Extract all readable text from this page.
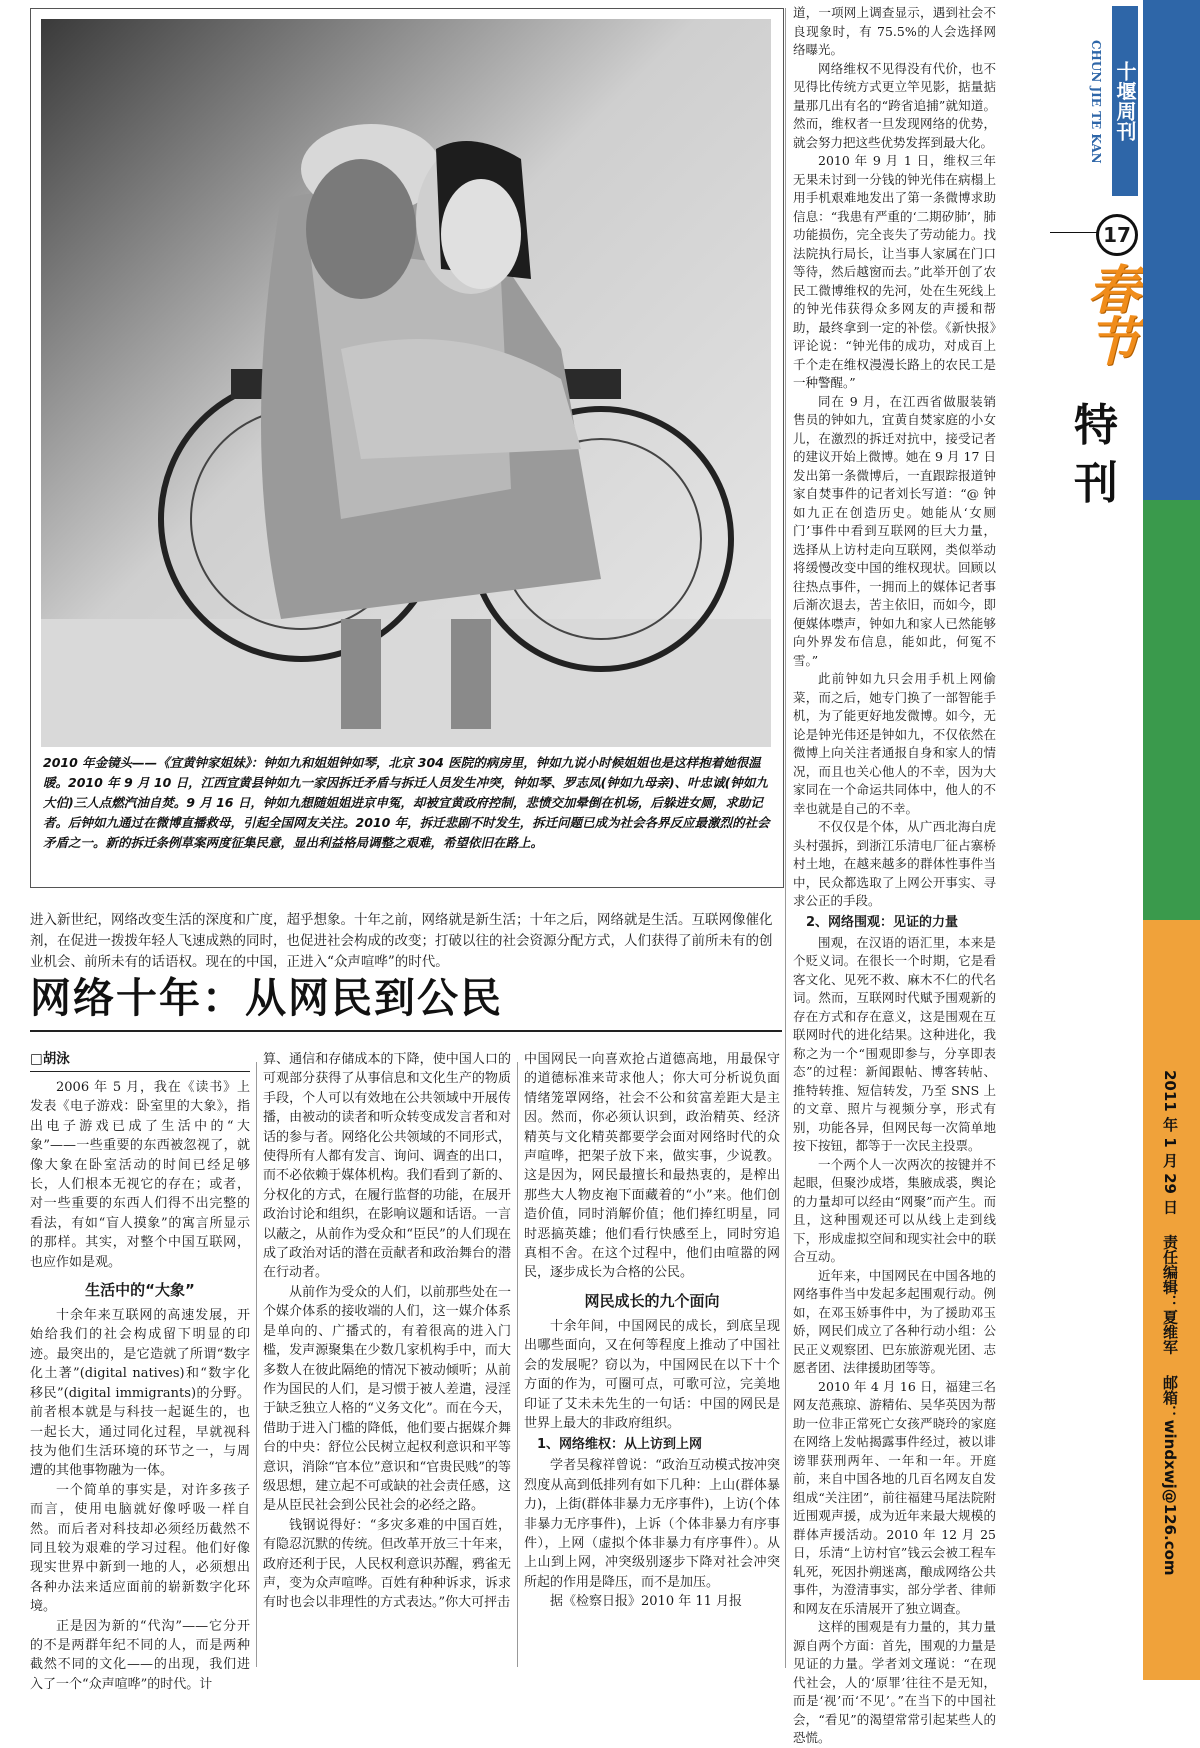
2010 年金镜头——《宜黄钟家姐妹》：钟如九和姐姐钟如琴，北京 304 医院的病房里，钟如九说小时候姐姐也是这样抱着她很温暖。2010 年 9 月 10 日，江西宜黄县钟如九一家因拆迁矛盾与拆迁人员发生冲突，钟如琴、罗志凤(钟如九母亲)、叶忠诚(钟如九大伯)三人点燃汽油自焚。9 月 16 日，钟如九想随姐姐进京申冤，却被宜黄政府控制，悲愤交加晕倒在机场，后躲进女厕，求助记者。后钟如九通过在微博直播救母，引起全国网友关注。2010 年，拆迁悲剧不时发生，拆迁问题已成为社会各界反应最激烈的社会矛盾之一。新的拆迁条例草案两度征集民意，显出利益格局调整之艰难，希望依旧在路上。

进入新世纪，网络改变生活的深度和广度，超乎想象。十年之前，网络就是新生活；十年之后，网络就是生活。互联网像催化剂，在促进一拨拨年轻人飞速成熟的同时，也促进社会构成的改变；打破以往的社会资源分配方式，人们获得了前所未有的创业机会、前所未有的话语权。现在的中国，正进入“众声喧哗”的时代。

网络十年：从网民到公民

□胡泳

2006 年 5 月，我在《读书》上发表《电子游戏：卧室里的大象》，指出电子游戏已成了生活中的“大象”——一些重要的东西被忽视了，就像大象在卧室活动的时间已经足够长，人们根本无视它的存在；或者，对一些重要的东西人们得不出完整的看法，有如“盲人摸象”的寓言所显示的那样。其实，对整个中国互联网，也应作如是观。

生活中的“大象”

十余年来互联网的高速发展，开始给我们的社会构成留下明显的印迹。最突出的，是它造就了所谓“数字化土著”(digital natives)和“数字化移民”(digital immigrants)的分野。前者根本就是与科技一起诞生的，也一起长大，通过同化过程，早就视科技为他们生活环境的环节之一，与周遭的其他事物融为一体。

一个简单的事实是，对许多孩子而言，使用电脑就好像呼吸一样自然。而后者对科技却必须经历截然不同且较为艰难的学习过程。他们好像现实世界中新到一地的人，必须想出各种办法来适应面前的崭新数字化环境。

正是因为新的“代沟”——它分开的不是两群年纪不同的人，而是两种截然不同的文化——的出现，我们进入了一个“众声喧哗”的时代。计

算、通信和存储成本的下降，使中国人口的可观部分获得了从事信息和文化生产的物质手段，个人可以有效地在公共领域中开展传播，由被动的读者和听众转变成发言者和对话的参与者。网络化公共领域的不同形式，使得所有人都有发言、询问、调查的出口，而不必依赖于媒体机构。我们看到了新的、分权化的方式，在履行监督的功能，在展开政治讨论和组织，在影响议题和话语。一言以蔽之，从前作为受众和“臣民”的人们现在成了政治对话的潜在贡献者和政治舞台的潜在行动者。

从前作为受众的人们，以前那些处在一个媒介体系的接收端的人们，这一媒介体系是单向的、广播式的，有着很高的进入门槛，发声源聚集在少数几家机构手中，而大多数人在彼此隔绝的情况下被动倾听；从前作为国民的人们，是习惯于被人差遣，浸淫于缺乏独立人格的“义务文化”。而在今天，借助于进入门槛的降低，他们要占据媒介舞台的中央：舒位公民树立起权利意识和平等意识，消除“官本位”意识和“官贵民贱”的等级思想，建立起不可或缺的社会责任感，这是从臣民社会到公民社会的必经之路。

钱钢说得好：“多灾多难的中国百姓，有隐忍沉默的传统。但改革开放三十年来，政府还利于民，人民权利意识苏醒，鸦雀无声，变为众声喧哗。百姓有种种诉求，诉求有时也会以非理性的方式表达。”你大可抨击

中国网民一向喜欢抢占道德高地，用最保守的道德标准来苛求他人；你大可分析说负面情绪笼罩网络，社会不公和贫富差距大是主因。然而，你必须认识到，政治精英、经济精英与文化精英都要学会面对网络时代的众声喧哗，把架子放下来，做实事，少说教。这是因为，网民最擅长和最热衷的，是榨出那些大人物皮袍下面藏着的“小”来。他们创造价值，同时消解价值；他们捧红明星，同时恶搞英雄；他们看行快感至上，同时穷追真相不舍。在这个过程中，他们由喧嚣的网民，逐步成长为合格的公民。

网民成长的九个面向

十余年间，中国网民的成长，到底呈现出哪些面向，又在何等程度上推动了中国社会的发展呢？窃以为，中国网民在以下十个方面的作为，可圈可点，可歌可泣，完美地印证了艾未未先生的一句话：中国的网民是世界上最大的非政府组织。

1、网络维权：从上访到上网

学者吴稼祥曾说：“政治互动模式按冲突烈度从高到低排列有如下几种：上山(群体暴力)，上街(群体非暴力无序事件)，上访(个体非暴力无序事件)，上诉（个体非暴力有序事件），上网（虚拟个体非暴力有序事件）。从上山到上网，冲突级别逐步下降对社会冲突所起的作用是降压，而不是加压。

据《检察日报》2010 年 11 月报

道，一项网上调查显示，遇到社会不良现象时，有 75.5%的人会选择网络曝光。

网络维权不见得没有代价，也不见得比传统方式更立竿见影，掂量掂量那几出有名的“跨省追捕”就知道。然而，维权者一旦发现网络的优势，就会努力把这些优势发挥到最大化。

2010 年 9 月 1 日，维权三年无果未讨到一分钱的钟光伟在病榻上用手机艰难地发出了第一条微博求助信息：“我患有严重的‘二期矽肺’，肺功能损伤，完全丧失了劳动能力。找法院执行局长，让当事人家属在门口等待，然后越窗而去。”此举开创了农民工微博维权的先河，处在生死线上的钟光伟获得众多网友的声援和帮助，最终拿到一定的补偿。《新快报》评论说：“钟光伟的成功，对成百上千个走在维权漫漫长路上的农民工是一种警醒。”

同在 9 月，在江西省做服装销售员的钟如九，宜黄自焚家庭的小女儿，在激烈的拆迁对抗中，接受记者的建议开始上微博。她在 9 月 17 日发出第一条微博后，一直跟踪报道钟家自焚事件的记者刘长写道：“@ 钟如九正在创造历史。她能从‘女厕门’事件中看到互联网的巨大力量，选择从上访村走向互联网，类似举动将缓慢改变中国的维权现状。回顾以往热点事件，一拥而上的媒体记者事后渐次退去，苦主依旧，而如今，即便媒体噤声，钟如九和家人已然能够向外界发布信息，能如此，何冤不雪。”

此前钟如九只会用手机上网偷菜，而之后，她专门换了一部智能手机，为了能更好地发微博。如今，无论是钟光伟还是钟如九，不仅依然在微博上向关注者通报自身和家人的情况，而且也关心他人的不幸，因为大家同在一个命运共同体中，他人的不幸也就是自己的不幸。

不仅仅是个体，从广西北海白虎头村强拆，到浙江乐清电厂征占寨桥村土地，在越来越多的群体性事件当中，民众都选取了上网公开事实、寻求公正的手段。

2、网络围观：见证的力量

围观，在汉语的语汇里，本来是个贬义词。在很长一个时期，它是看客文化、见死不救、麻木不仁的代名词。然而，互联网时代赋予围观新的存在方式和存在意义，这是围观在互联网时代的进化结果。这种进化，我称之为一个“围观即参与，分享即表态”的过程：新闻跟帖、博客转帖、推特转推、短信转发，乃至 SNS 上的文章、照片与视频分享，形式有别，功能各异，但网民每一次简单地按下按钮，都等于一次民主投票。

一个两个人一次两次的按键并不起眼，但聚沙成塔，集腋成裘，舆论的力量却可以经由“网聚”而产生。而且，这种围观还可以从线上走到线下，形成虚拟空间和现实社会中的联合互动。

近年来，中国网民在中国各地的网络事件当中发起多起围观行动。例如，在邓玉娇事件中，为了援助邓玉娇，网民们成立了各种行动小组：公民正义观察团、巴东旅游观光团、志愿者团、法律援助团等等。

2010 年 4 月 16 日，福建三名网友范燕琼、游精佑、吴华英因为帮助一位非正常死亡女孩严晓玲的家庭在网络上发帖揭露事件经过，被以诽谤罪获刑两年、一年和一年。开庭前，来自中国各地的几百名网友自发组成“关注团”，前往福建马尾法院附近围观声援，成为近年来最大规模的群体声援活动。2010 年 12 月 25 日，乐清“上访村官”钱云会被工程车轧死，死因扑朔迷离，酿成网络公共事件，为澄清事实，部分学者、律师和网友在乐清展开了独立调查。

这样的围观是有力量的，其力量源自两个方面：首先，围观的力量是见证的力量。学者刘文瑾说：“在现代社会，人的‘原罪’往往不是无知，而是‘视’而‘不见’。”在当下的中国社会，“看见”的渴望常常引起某些人的恐慌。

十堰周刊
CHUN JIE TE KAN
17
春节
特
刊
2011 年 1 月 29 日　 责任编辑：夏维军　 邮箱：windxwj@126.com
